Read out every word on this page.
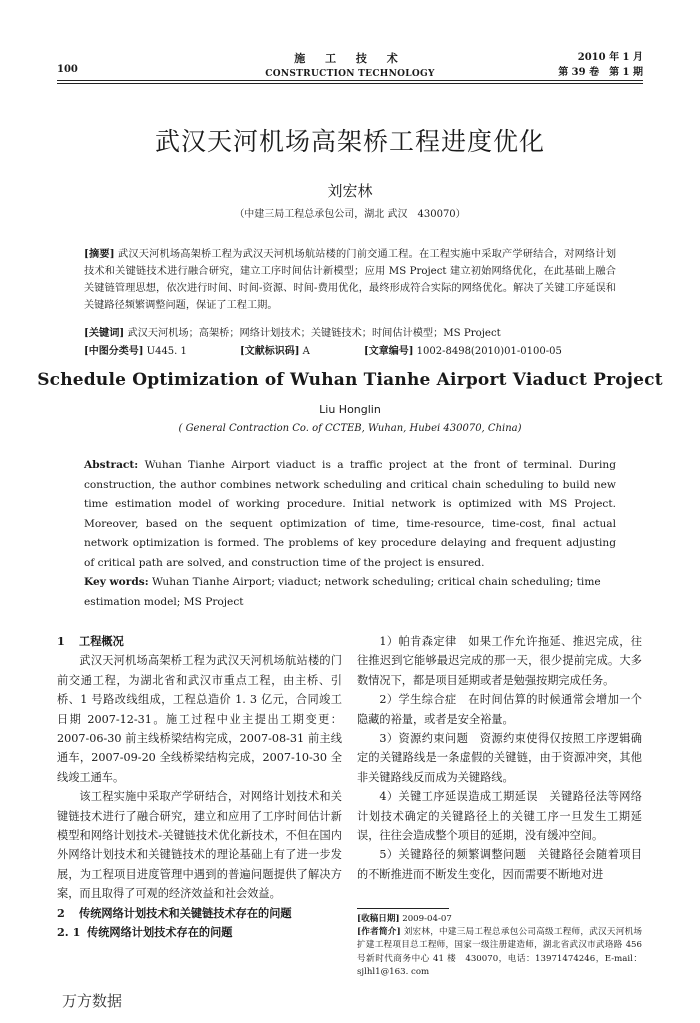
100
施 工 技 术
CONSTRUCTION TECHNOLOGY
2010 年 1 月
第 39 卷　第 1 期
武汉天河机场高架桥工程进度优化
刘宏林
（中建三局工程总承包公司，湖北 武汉　430070）
[摘要] 武汉天河机场高架桥工程为武汉天河机场航站楼的门前交通工程。在工程实施中采取产学研结合，对网络计划技术和关键链技术进行融合研究，建立工序时间估计新模型；应用 MS Project 建立初始网络优化，在此基础上融合关键链管理思想，依次进行时间、时间-资源、时间-费用优化，最终形成符合实际的网络优化。解决了关键工序延误和关键路径频繁调整问题，保证了工程工期。
[关键词] 武汉天河机场；高架桥；网络计划技术；关键链技术；时间估计模型；MS Project
[中图分类号] U445. 1	[文献标识码] A	[文章编号] 1002-8498(2010)01-0100-05
Schedule Optimization of Wuhan Tianhe Airport Viaduct Project
Liu Honglin
( General Contraction Co. of CCTEB, Wuhan, Hubei 430070, China)
Abstract: Wuhan Tianhe Airport viaduct is a traffic project at the front of terminal. During construction, the author combines network scheduling and critical chain scheduling to build new time estimation model of working procedure. Initial network is optimized with MS Project. Moreover, based on the sequent optimization of time, time-resource, time-cost, final actual network optimization is formed. The problems of key procedure delaying and frequent adjusting of critical path are solved, and construction time of the project is ensured.
Key words: Wuhan Tianhe Airport; viaduct; network scheduling; critical chain scheduling; time estimation model; MS Project
1 工程概况

武汉天河机场高架桥工程为武汉天河机场航站楼的门前交通工程，为湖北省和武汉市重点工程，由主桥、引桥、1 号路改线组成，工程总造价 1. 3 亿元，合同竣工日期 2007-12-31。施工过程中业主提出工期变更：2007-06-30 前主线桥梁结构完成，2007-08-31 前主线通车，2007-09-20 全线桥梁结构完成，2007-10-30 全线竣工通车。

该工程实施中采取产学研结合，对网络计划技术和关键链技术进行了融合研究，建立和应用了工序时间估计新模型和网络计划技术-关键链技术优化新技术，不但在国内外网络计划技术和关键链技术的理论基础上有了进一步发展，为工程项目进度管理中遇到的普遍问题提供了解决方案，而且取得了可观的经济效益和社会效益。

2 传统网络计划技术和关键链技术存在的问题
2. 1 传统网络计划技术存在的问题

1）帕肯森定律　如果工作允许拖延、推迟完成，往往推迟到它能够最迟完成的那一天，很少提前完成。大多数情况下，都是项目延期或者是勉强按期完成任务。

2）学生综合症　在时间估算的时候通常会增加一个隐藏的裕量，或者是安全裕量。

3）资源约束问题　资源约束使得仅按照工序逻辑确定的关键路线是一条虚假的关键链，由于资源冲突，其他非关键路线反而成为关键路线。

4）关键工序延误造成工期延误　关键路径法等网络计划技术确定的关键路径上的关键工序一旦发生工期延误，往往会造成整个项目的延期，没有缓冲空间。

5）关键路径的频繁调整问题　关键路径会随着项目的不断推进而不断发生变化，因而需要不断地对进

[收稿日期] 2009-04-07
[作者简介] 刘宏林，中建三局工程总承包公司高级工程师，武汉天河机场扩建工程项目总工程师，国家一级注册建造师，湖北省武汉市武珞路 456 号新时代商务中心 41 楼　430070，电话：13971474246，E-mail：sjlhl1@163. com
万方数据
